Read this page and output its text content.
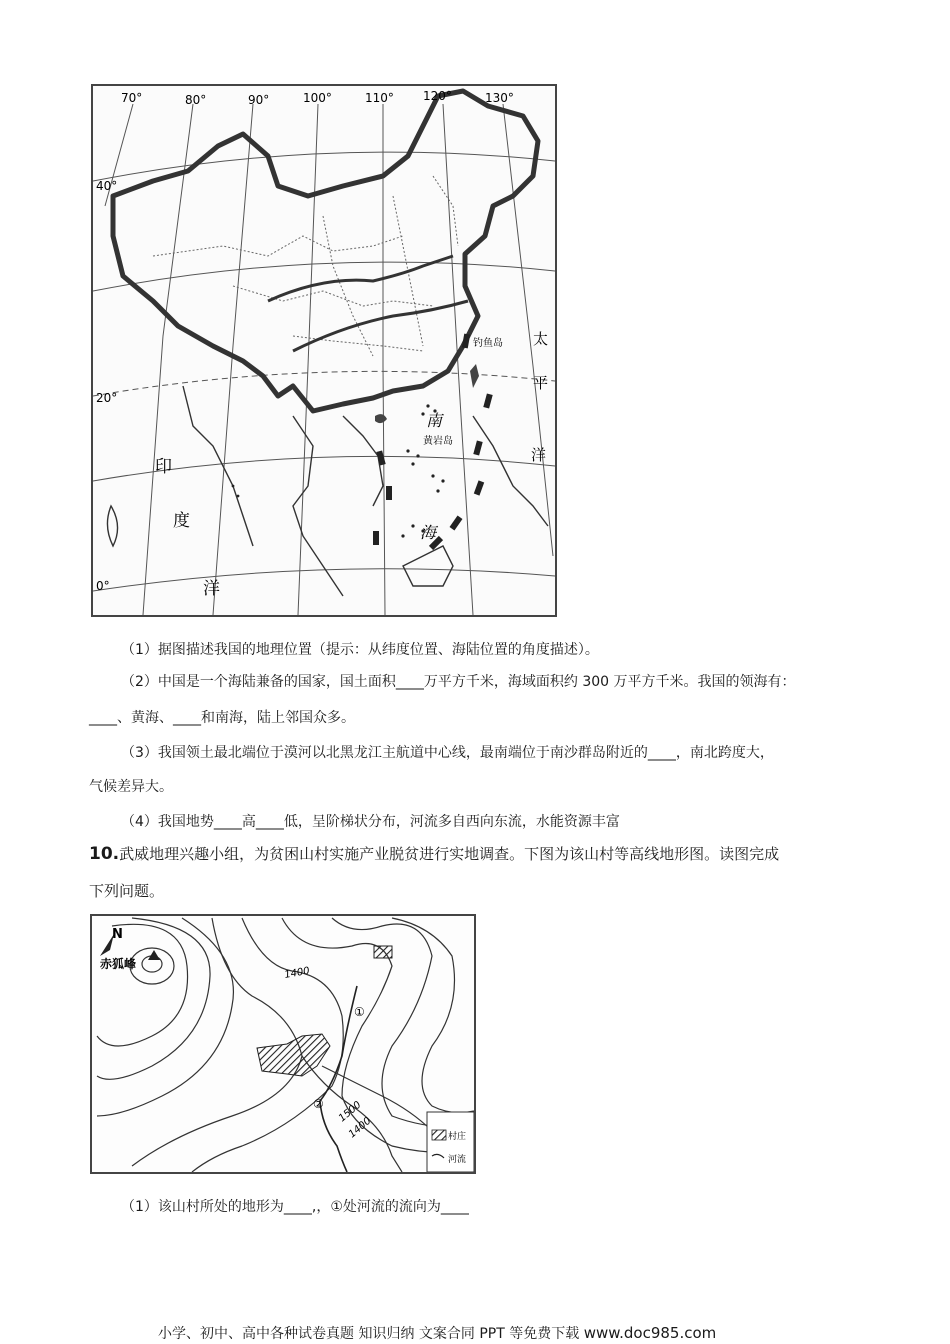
70°	80°	90°	100°	110° 120°	130°
40°
20°
0°
太
平
洋
印
度
洋
南
海
钓鱼岛
黄岩岛
（1）据图描述我国的地理位置（提示：从纬度位置、海陆位置的角度描述）。
（2）中国是一个海陆兼备的国家，国土面积____万平方千米，海域面积约 300 万平方千米。我国的领海有：
____、黄海、____和南海，陆上邻国众多。
（3）我国领土最北端位于漠河以北黑龙江主航道中心线，最南端位于南沙群岛附近的____，南北跨度大，
气候差异大。
（4）我国地势____高____低，呈阶梯状分布，河流多自西向东流，水能资源丰富
10.武威地理兴趣小组，为贫困山村实施产业脱贫进行实地调查。下图为该山村等高线地形图。读图完成
下列问题。
N
赤狐峰
1400
1500
1400
①
②
村庄
河流
（1）该山村所处的地形为____,，①处河流的流向为____
小学、初中、高中各种试卷真题 知识归纳 文案合同 PPT 等免费下载 www.doc985.com
